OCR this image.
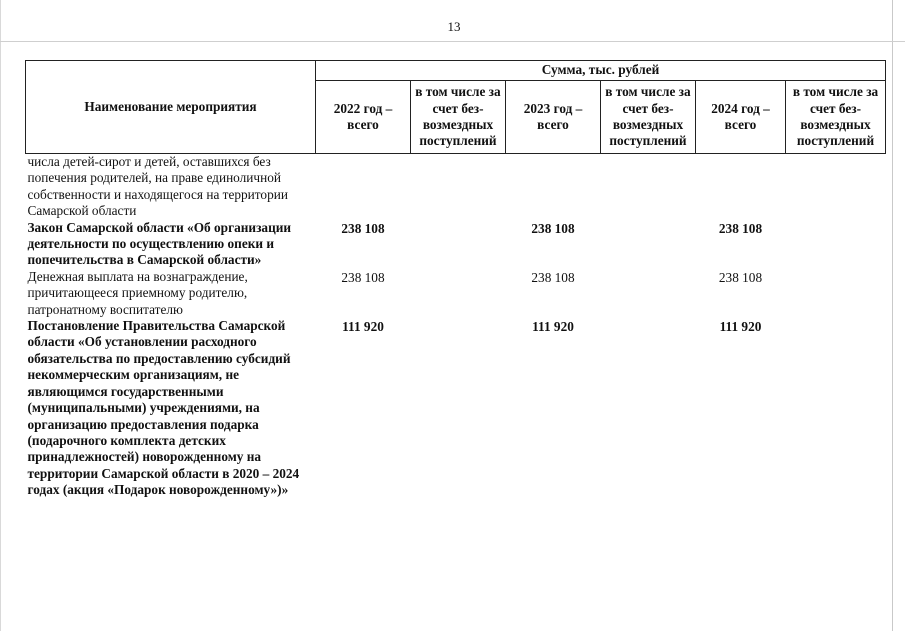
13
Наименование мероприятия	Сумма, тыс. рублей					
	2022 год – всего	в том числе за счет без-возмездных поступлений	2023 год – всего	в том числе за счет без-возмездных поступлений	2024 год – всего	в том числе за счет без-возмездных поступлений
числа детей-сирот и детей, оставшихся без попечения родителей, на праве единоличной собственности и находящегося на территории Самарской области						
Закон Самарской области «Об организации деятельности по осуществлению опеки и попечительства в Самарской области»	238 108		238 108		238 108	
Денежная выплата на вознаграждение, причитающееся приемному родителю, патронатному воспитателю	238 108		238 108		238 108	
Постановление Правительства Самарской области «Об установлении расходного обязательства по предоставлению субсидий некоммерческим организациям, не являющимся государственными (муниципальными) учреждениями, на организацию предоставления подарка (подарочного комплекта детских принадлежностей) новорожденному на территории Самарской области в 2020 – 2024 годах (акция «Подарок новорожденному»)»	111 920		111 920		111 920	
